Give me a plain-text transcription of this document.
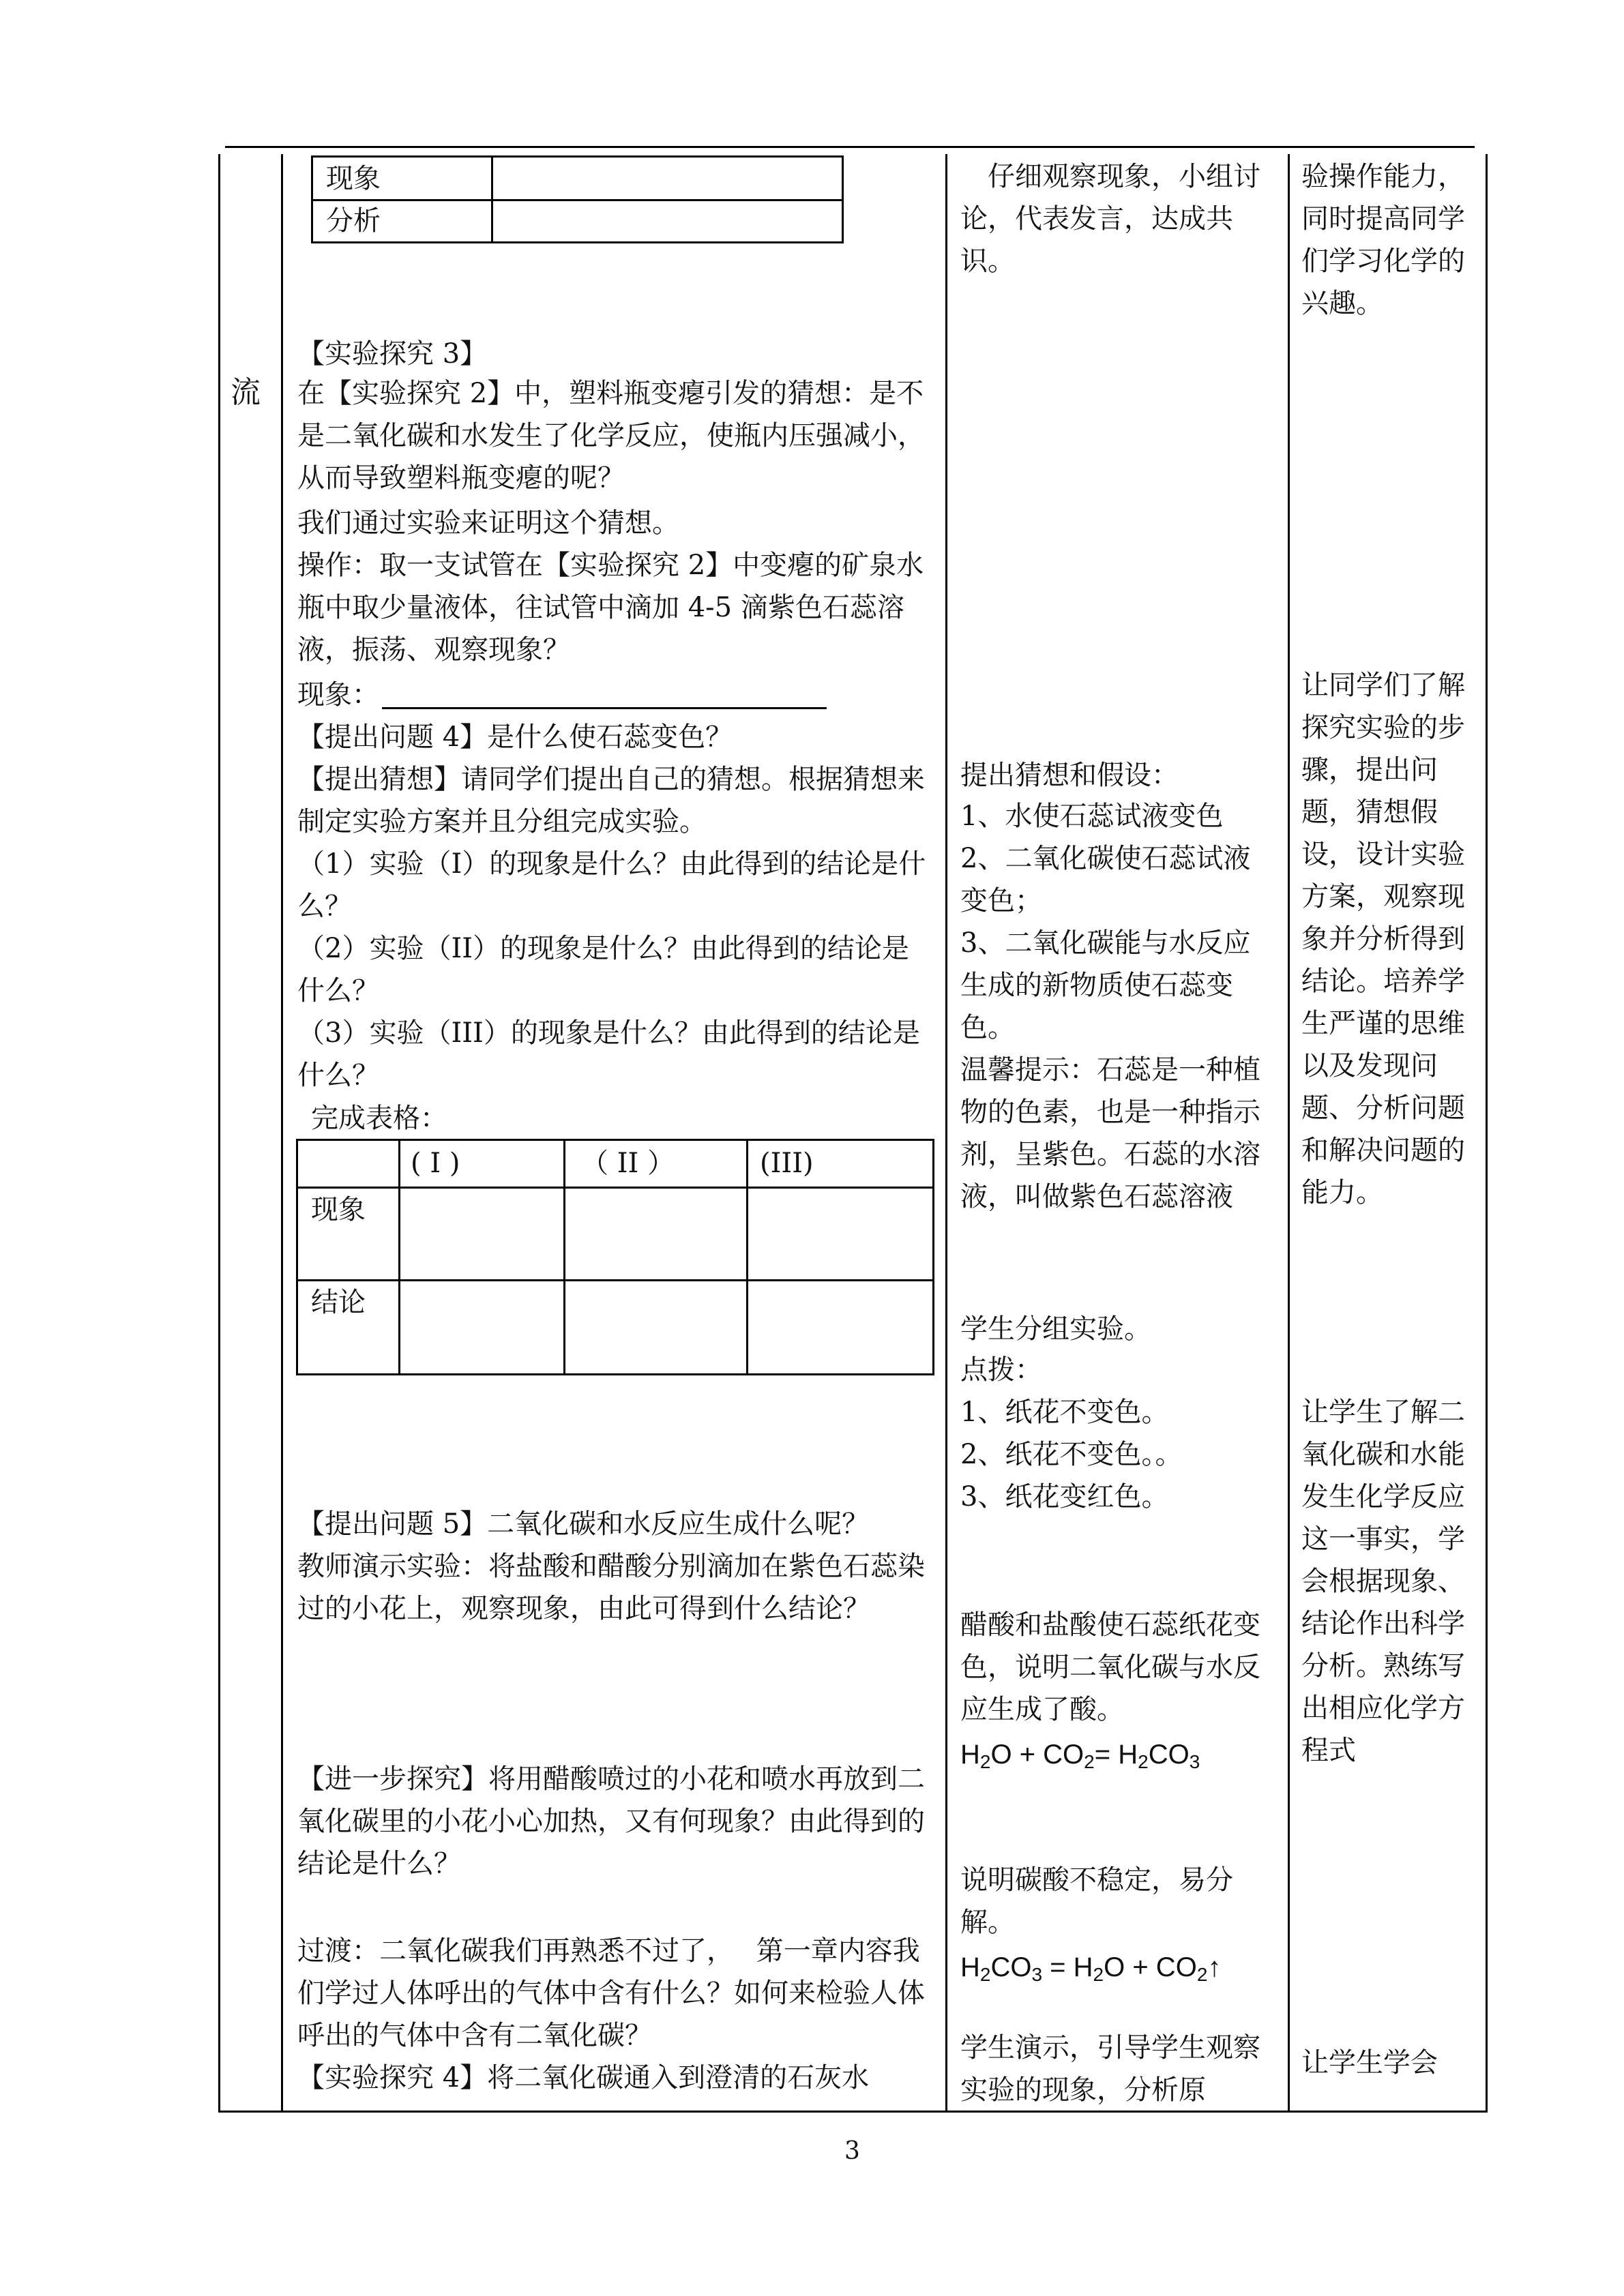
流
现象
分析
【实验探究 3】
在【实验探究 2】中，塑料瓶变瘪引发的猜想：是不是二氧化碳和水发生了化学反应，使瓶内压强减小，从而导致塑料瓶变瘪的呢？
我们通过实验来证明这个猜想。
操作：取一支试管在【实验探究 2】中变瘪的矿泉水瓶中取少量液体，往试管中滴加 4-5 滴紫色石蕊溶液，振荡、观察现象？
现象：
【提出问题 4】是什么使石蕊变色？
【提出猜想】请同学们提出自己的猜想。根据猜想来制定实验方案并且分组完成实验。
（1）实验（I）的现象是什么？由此得到的结论是什么？
（2）实验（II）的现象是什么？由此得到的结论是什么？
（3）实验（III）的现象是什么？由此得到的结论是什么？
完成表格：
( I )	（ II ）	(III)
现象
结论
【提出问题 5】二氧化碳和水反应生成什么呢？
教师演示实验：将盐酸和醋酸分别滴加在紫色石蕊染过的小花上，观察现象，由此可得到什么结论？
【进一步探究】将用醋酸喷过的小花和喷水再放到二氧化碳里的小花小心加热，又有何现象？由此得到的结论是什么？
过渡：二氧化碳我们再熟悉不过了，　 第一章内容我们学过人体呼出的气体中含有什么？如何来检验人体呼出的气体中含有二氧化碳？
【实验探究 4】将二氧化碳通入到澄清的石灰水
　仔细观察现象，小组讨论，代表发言，达成共识。
提出猜想和假设：
1、水使石蕊试液变色
2、二氧化碳使石蕊试液变色；
3、二氧化碳能与水反应生成的新物质使石蕊变色。
温馨提示：石蕊是一种植物的色素，也是一种指示剂，呈紫色。石蕊的水溶液，叫做紫色石蕊溶液
学生分组实验。
点拨：
1、纸花不变色。
2、纸花不变色。。
3、纸花变红色。
醋酸和盐酸使石蕊纸花变色，说明二氧化碳与水反应生成了酸。
$H_2O + CO_2= H_2CO_3$
说明碳酸不稳定，易分解。
$H_2CO_3 = H_2O$ + $CO_2↑$
学生演示，引导学生观察实验的现象，分析原
验操作能力，同时提高同学们学习化学的兴趣。
让同学们了解探究实验的步骤，提出问题，猜想假设，设计实验方案，观察现象并分析得到结论。培养学生严谨的思维以及发现问题、分析问题和解决问题的能力。
让学生了解二氧化碳和水能发生化学反应这一事实，学会根据现象、结论作出科学分析。熟练写出相应化学方程式
让学生学会
3
